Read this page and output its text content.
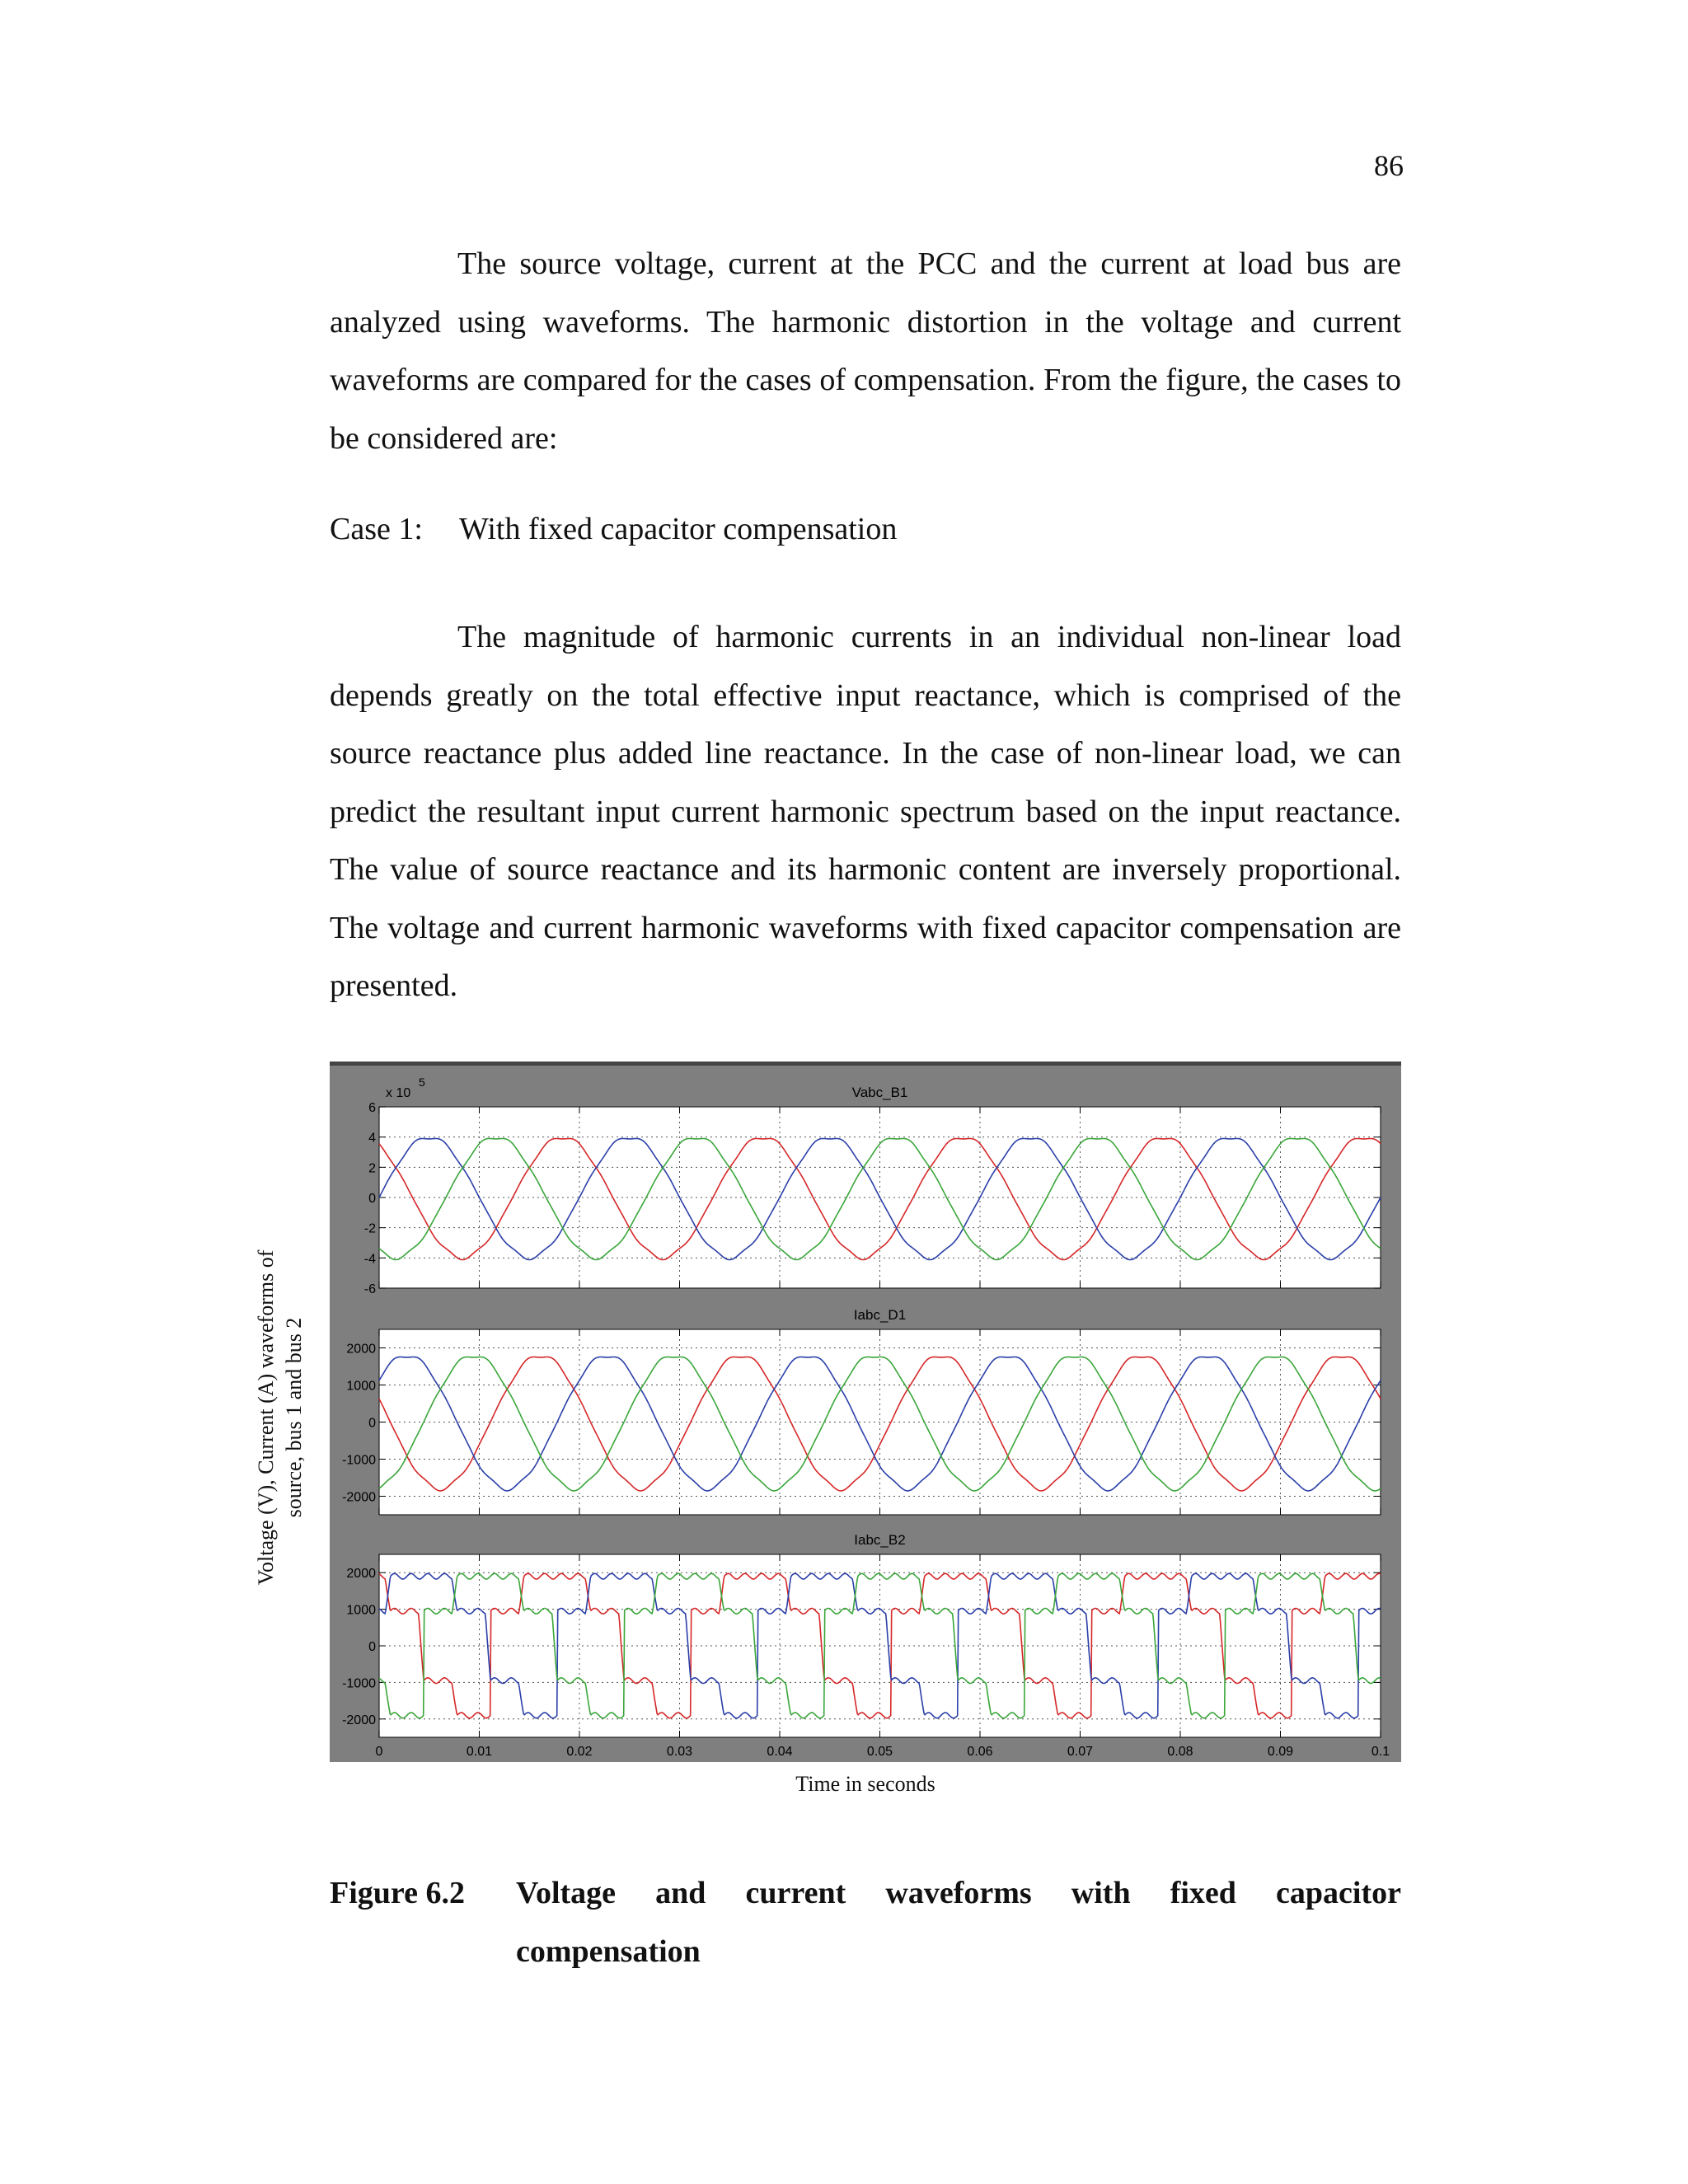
86
The source voltage, current at the PCC and the current at load bus are analyzed using waveforms. The harmonic distortion in the voltage and current waveforms are compared for the cases of compensation. From the figure, the cases to be considered are:
Case 1: With fixed capacitor compensation
The magnitude of harmonic currents in an individual non-linear load depends greatly on the total effective input reactance, which is comprised of the source reactance plus added line reactance. In the case of non-linear load, we can predict the resultant input current harmonic spectrum based on the input reactance. The value of source reactance and its harmonic content are inversely proportional. The voltage and current harmonic waveforms with fixed capacitor compensation are presented.
Voltage (V), Current (A) waveforms of source, bus 1 and bus 2
Vabc_B1
-6
-4
-2
0
2
4
6
x 10
5
Iabc_D1
-2000
-1000
0
1000
2000
Iabc_B2
-2000
-1000
0
1000
2000
0	0.01	0.02	0.03	0.04	0.05	0.06	0.07	0.08	0.09	0.1
Time in seconds
Figure 6.2 Voltage and current waveforms with fixed capacitor compensation
